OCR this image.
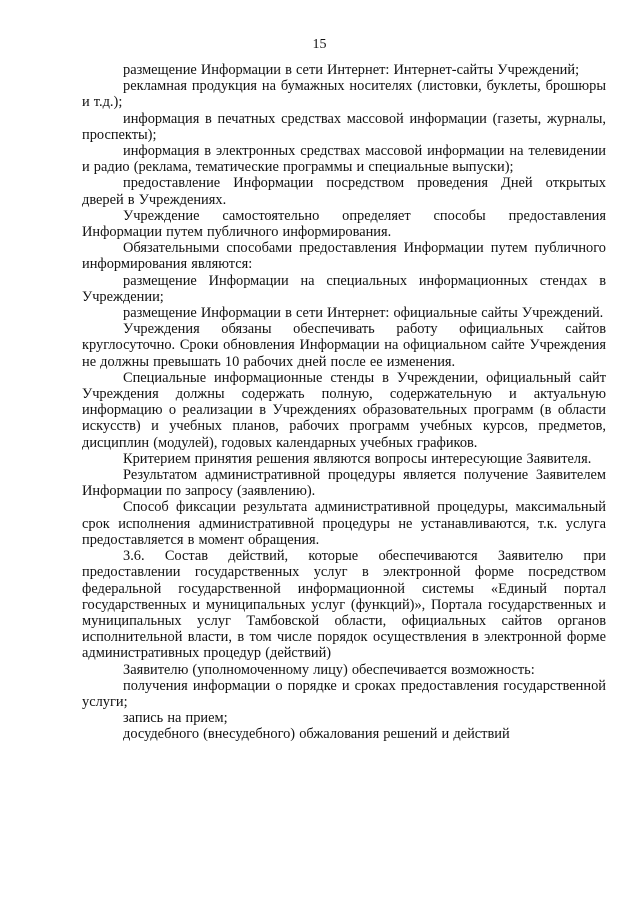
15

размещение Информации в сети Интернет: Интернет-сайты Учреждений;

рекламная продукция на бумажных носителях (листовки, буклеты, брошюры и т.д.);

информация в печатных средствах массовой информации (газеты, журналы, проспекты);

информация в электронных средствах массовой информации на телевидении и радио (реклама, тематические программы и специальные выпуски);

предоставление Информации посредством проведения Дней открытых дверей в Учреждениях.

Учреждение самостоятельно определяет способы предоставления Информации путем публичного информирования.

Обязательными способами предоставления Информации путем публичного информирования являются:

размещение Информации на специальных информационных стендах в Учреждении;

размещение Информации в сети Интернет: официальные сайты Учреждений.

Учреждения обязаны обеспечивать работу официальных сайтов круглосуточно. Сроки обновления Информации на официальном сайте Учреждения не должны превышать 10 рабочих дней после ее изменения.

Специальные информационные стенды в Учреждении, официальный сайт Учреждения должны содержать полную, содержательную и актуальную информацию о реализации в Учреждениях образовательных программ (в области искусств) и учебных планов, рабочих программ учебных курсов, предметов, дисциплин (модулей), годовых календарных учебных графиков.

Критерием принятия решения являются вопросы интересующие Заявителя.

Результатом административной процедуры является получение Заявителем Информации по запросу (заявлению).

Способ фиксации результата административной процедуры, максимальный срок исполнения административной процедуры не устанавливаются, т.к. услуга предоставляется в момент обращения.

3.6. Состав действий, которые обеспечиваются Заявителю при предоставлении государственных услуг в электронной форме посредством федеральной государственной информационной системы «Единый портал государственных и муниципальных услуг (функций)», Портала государственных и муниципальных услуг Тамбовской области, официальных сайтов органов исполнительной власти, в том числе порядок осуществления в электронной форме административных процедур (действий)

Заявителю (уполномоченному лицу) обеспечивается возможность:

получения информации о порядке и сроках предоставления государственной услуги;

запись на прием;

досудебного (внесудебного) обжалования решений и действий
